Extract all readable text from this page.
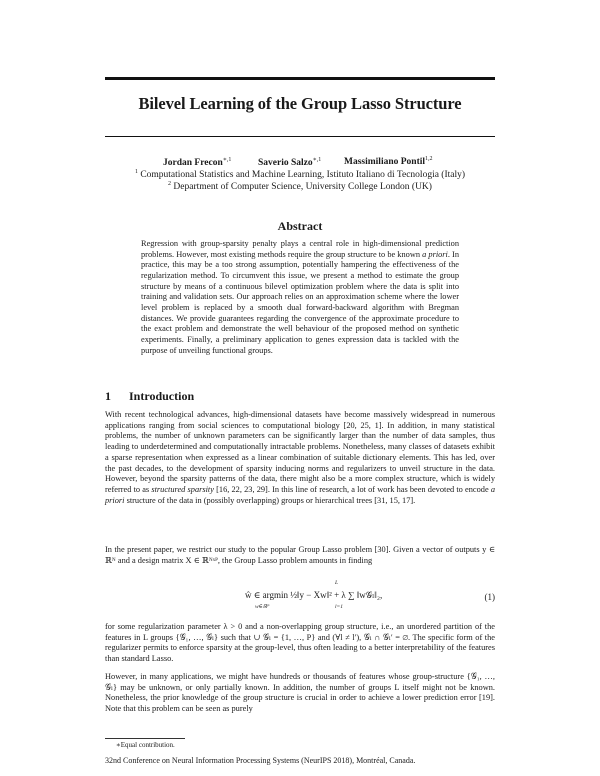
Bilevel Learning of the Group Lasso Structure
Jordan Frecon$^{∗,1}$	Saverio Salzo$^{∗,1}$ Massimiliano Pontil$^{1,2}$
$^1$ Computational Statistics and Machine Learning, Istituto Italiano di Tecnologia (Italy)
$^2$ Department of Computer Science, University College London (UK)
Abstract
Regression with group-sparsity penalty plays a central role in high-dimensional prediction problems. However, most existing methods require the group structure to be known a priori. In practice, this may be a too strong assumption, potentially hampering the effectiveness of the regularization method. To circumvent this issue, we present a method to estimate the group structure by means of a continuous bilevel optimization problem where the data is split into training and validation sets. Our approach relies on an approximation scheme where the lower level problem is replaced by a smooth dual forward-backward algorithm with Bregman distances. We provide guarantees regarding the convergence of the approximate procedure to the exact problem and demonstrate the well behaviour of the proposed method on synthetic experiments. Finally, a preliminary application to genes expression data is tackled with the purpose of unveiling functional groups.
1 Introduction

With recent technological advances, high-dimensional datasets have become massively widespread in numerous applications ranging from social sciences to computational biology [20, 25, 1]. In addition, in many statistical problems, the number of unknown parameters can be significantly larger than the number of data samples, thus leading to underdetermined and computationally intractable problems. Nonetheless, many classes of datasets exhibit a sparse representation when expressed as a linear combination of suitable dictionary elements. This has led, over the past decades, to the development of sparsity inducing norms and regularizers to unveil structure in the data. However, beyond the sparsity patterns of the data, there might also be a more complex structure, which is widely referred to as structured sparsity [16, 22, 23, 29]. In this line of research, a lot of work has been devoted to encode a priori structure of the data in (possibly overlapping) groups or hierarchical trees [31, 15, 17].

In the present paper, we restrict our study to the popular Group Lasso problem [30]. Given a vector of outputs y ∈ ℝᴺ and a design matrix X ∈ ℝᴺˣᴾ, the Group Lasso problem amounts in finding

L
ŵ ∈ argmin ½‖y − Xw‖² + λ ∑ ‖w𝒢ₗ‖₂,
w∈ℝᴾ	l=1
(1)

for some regularization parameter λ > 0 and a non-overlapping group structure, i.e., an unordered partition of the features in L groups {𝒢₁, …, 𝒢ₗ} such that ∪ 𝒢ₗ = {1, …, P} and (∀l ≠ l′), 𝒢ₗ ∩ 𝒢ₗ′ = ∅. The specific form of the regularizer permits to enforce sparsity at the group-level, thus often leading to a better interpretability of the features than standard Lasso.

However, in many applications, we might have hundreds or thousands of features whose group-structure {𝒢₁, …, 𝒢ₗ} may be unknown, or only partially known. In addition, the number of groups L itself might not be known. Nonetheless, the prior knowledge of the group structure is crucial in order to achieve a lower prediction error [19]. Note that this problem can be seen as purely

∗Equal contribution.
32nd Conference on Neural Information Processing Systems (NeurIPS 2018), Montréal, Canada.
